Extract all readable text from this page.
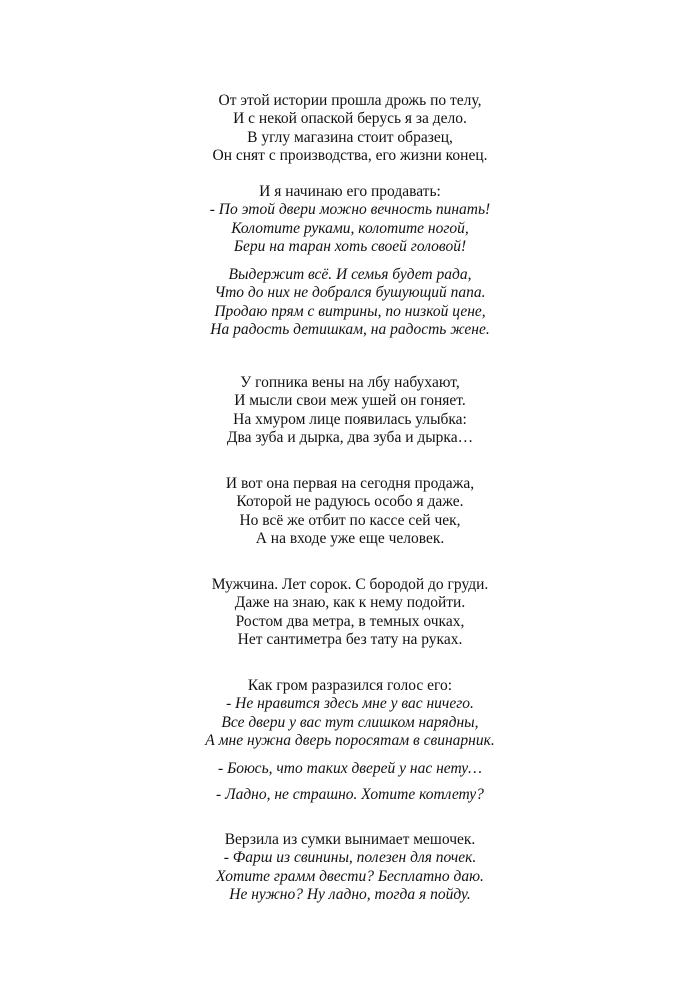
От этой истории прошла дрожь по телу,
И с некой опаской берусь я за дело.
В углу магазина стоит образец,
Он снят с производства, его жизни конец.
И я начинаю его продавать:
- По этой двери можно вечность пинать!
Колотите руками, колотите ногой,
Бери на таран хоть своей головой!
Выдержит всё. И семья будет рада,
Что до них не добрался бушующий папа.
Продаю прям с витрины, по низкой цене,
На радость детишкам, на радость жене.
У гопника вены на лбу набухают,
И мысли свои меж ушей он гоняет.
На хмуром лице появилась улыбка:
Два зуба и дырка, два зуба и дырка…
И вот она первая на сегодня продажа,
Которой не радуюсь особо я даже.
Но всё же отбит по кассе сей чек,
А на входе уже еще человек.
Мужчина. Лет сорок. С бородой до груди.
Даже на знаю, как к нему подойти.
Ростом два метра, в темных очках,
Нет сантиметра без тату на руках.
Как гром разразился голос его:
- Не нравится здесь мне у вас ничего.
Все двери у вас тут слишком нарядны,
А мне нужна дверь поросятам в свинарник.
- Боюсь, что таких дверей у нас нету…
- Ладно, не страшно. Хотите котлету?
Верзила из сумки вынимает мешочек.
- Фарш из свинины, полезен для почек.
Хотите грамм двести? Бесплатно даю.
Не нужно? Ну ладно, тогда я пойду.
